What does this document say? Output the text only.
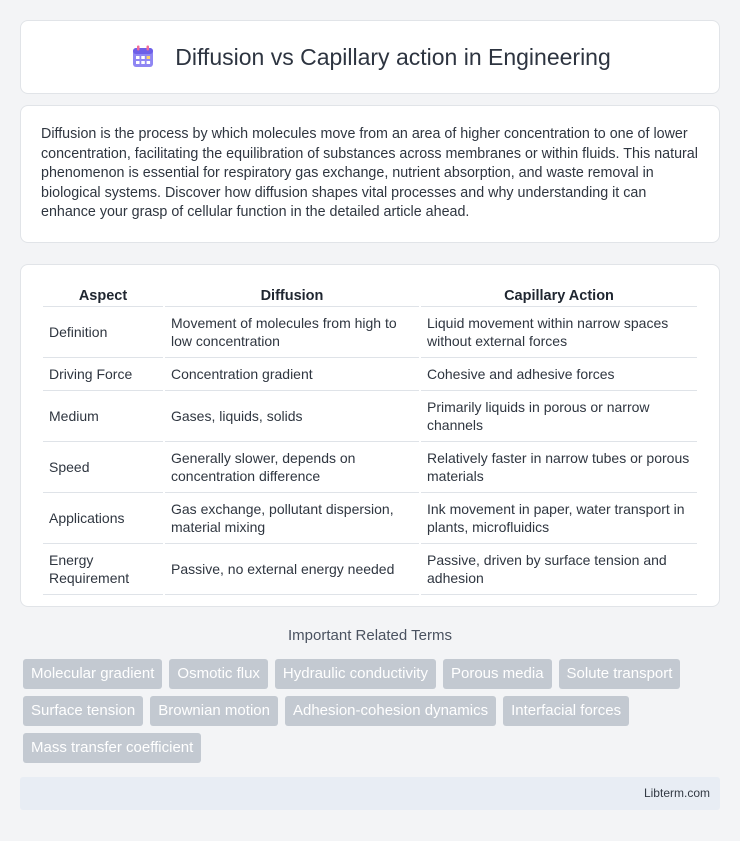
Diffusion vs Capillary action in Engineering

Diffusion is the process by which molecules move from an area of higher concentration to one of lower concentration, facilitating the equilibration of substances across membranes or within fluids. This natural phenomenon is essential for respiratory gas exchange, nutrient absorption, and waste removal in biological systems. Discover how diffusion shapes vital processes and why understanding it can enhance your grasp of cellular function in the detailed article ahead.

Aspect	Diffusion	Capillary Action
Definition	Movement of molecules from high to low concentration	Liquid movement within narrow spaces without external forces
Driving Force	Concentration gradient	Cohesive and adhesive forces
Medium	Gases, liquids, solids	Primarily liquids in porous or narrow channels
Speed	Generally slower, depends on concentration difference	Relatively faster in narrow tubes or porous materials
Applications	Gas exchange, pollutant dispersion, material mixing	Ink movement in paper, water transport in plants, microfluidics
Energy Requirement	Passive, no external energy needed	Passive, driven by surface tension and adhesion
Important Related Terms
Molecular gradient	Osmotic flux	Hydraulic conductivity	Porous media	Solute transport
Surface tension	Brownian motion	Adhesion-cohesion dynamics	Interfacial forces
Mass transfer coefficient
Libterm.com
